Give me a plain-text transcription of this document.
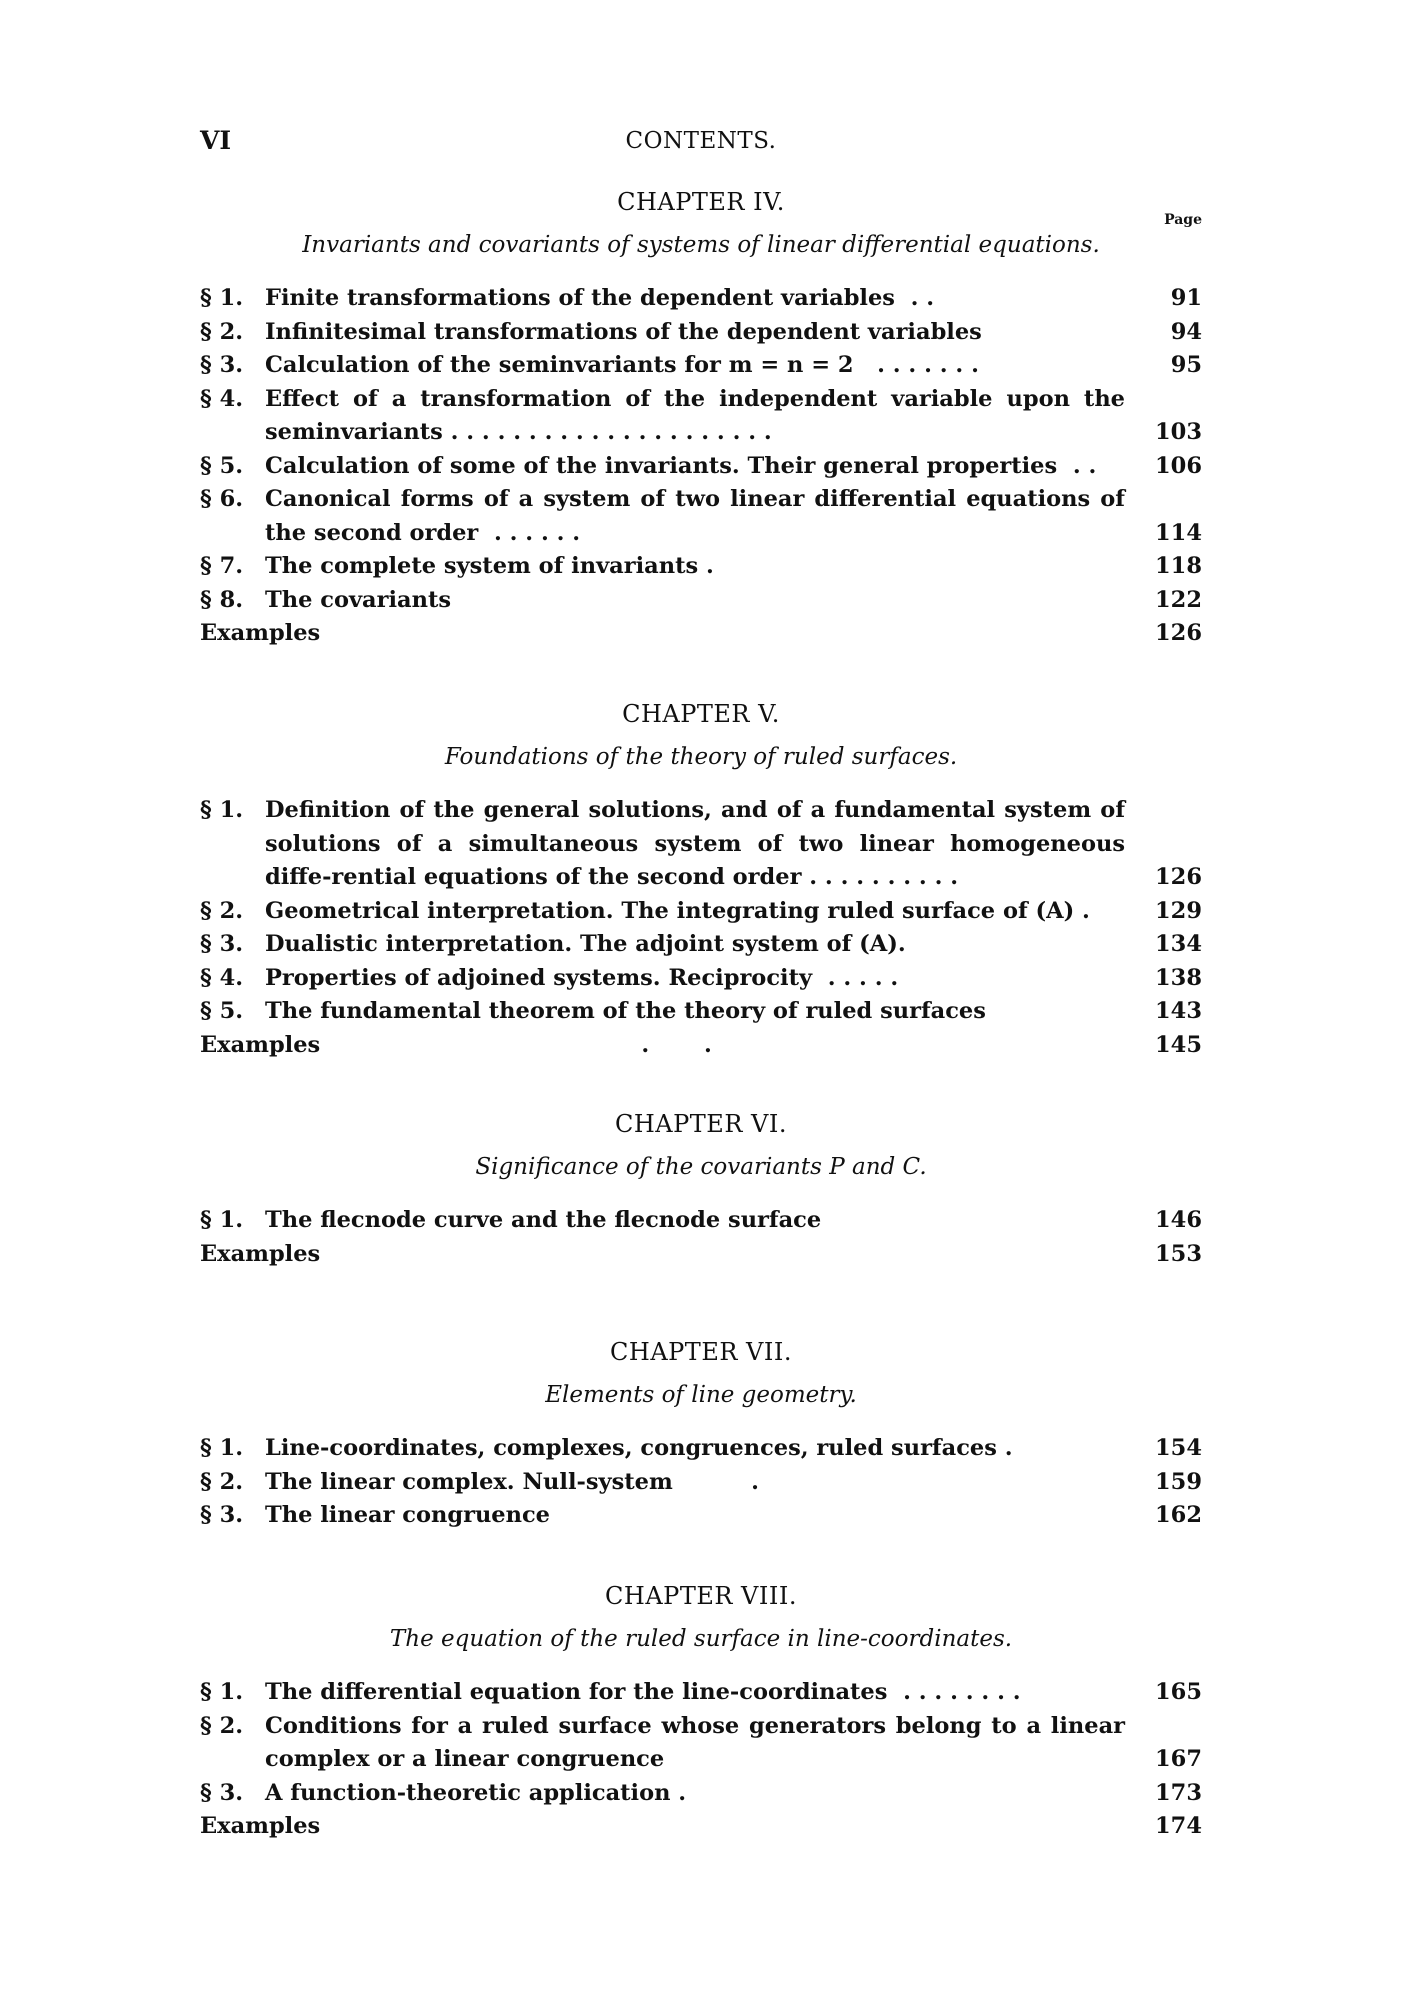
VI	CONTENTS.
CHAPTER IV.
Page
Invariants and covariants of systems of linear differential equations.
§ 1. Finite transformations of the dependent variables  . .	91
§ 2. Infinitesimal transformations of the dependent variables	94
§ 3. Calculation of the seminvariants for m = n = 2   . . . . . . .	95
§ 4. Effect of a transformation of the independent variable upon the seminvariants . . . . . . . . . . . . . . . . . . . . .	103
§ 5. Calculation of some of the invariants. Their general properties  . .	106
§ 6. Canonical forms of a system of two linear differential equations of the second order  . . . . . .	114
§ 7. The complete system of invariants .	118
§ 8. The covariants	122
Examples	126
CHAPTER V.
Foundations of the theory of ruled surfaces.
§ 1. Definition of the general solutions, and of a fundamental system of solutions of a simultaneous system of two linear homogeneous diffe-rential equations of the second order . . . . . . . . . .	126
§ 2. Geometrical interpretation. The integrating ruled surface of (A) .	129
§ 3. Dualistic interpretation. The adjoint system of (A).	134
§ 4. Properties of adjoined systems. Reciprocity  . . . . .	138
§ 5. The fundamental theorem of the theory of ruled surfaces	143
Examples                                         .       .	145
CHAPTER VI.
Significance of the covariants P and C.
§ 1. The flecnode curve and the flecnode surface	146
Examples	153
CHAPTER VII.
Elements of line geometry.
§ 1. Line-coordinates, complexes, congruences, ruled surfaces .	154
§ 2. The linear complex. Null-system          .	159
§ 3. The linear congruence	162
CHAPTER VIII.
The equation of the ruled surface in line-coordinates.
§ 1. The differential equation for the line-coordinates  . . . . . . . .	165
§ 2. Conditions for a ruled surface whose generators belong to a linear complex or a linear congruence	167
§ 3. A function-theoretic application .	173
Examples	174
